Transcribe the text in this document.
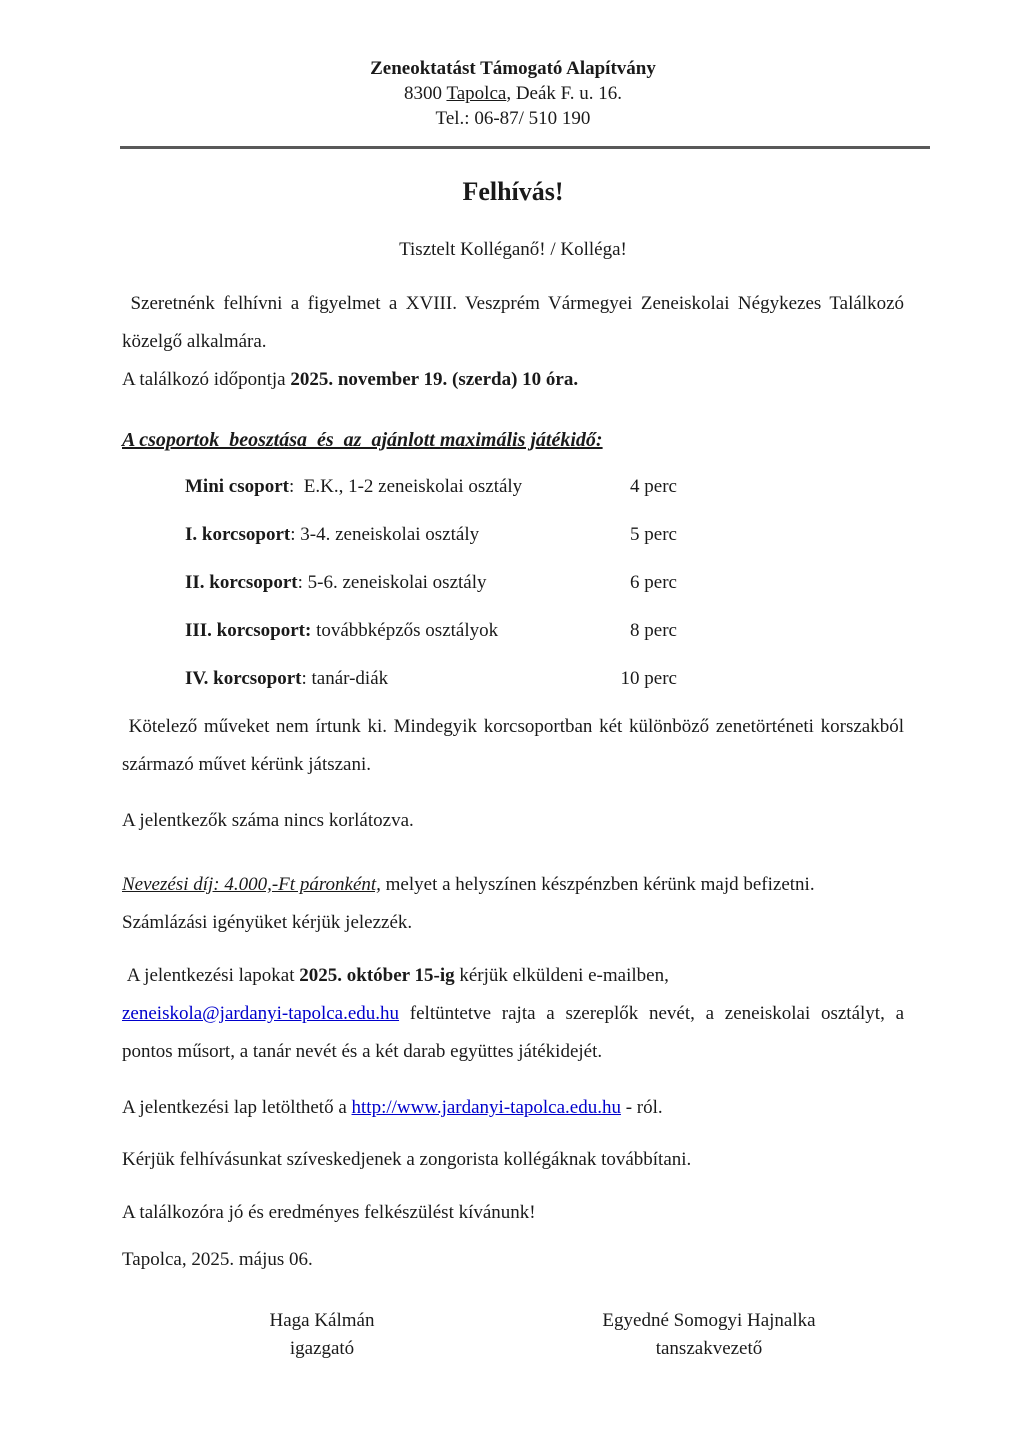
Zeneoktatást Támogató Alapítvány
8300 Tapolca, Deák F. u. 16.
Tel.: 06-87/ 510 190
Felhívás!
Tisztelt Kolléganő! / Kolléga!

Szeretnénk felhívni a figyelmet a XVIII. Veszprém Vármegyei Zeneiskolai Négykezes Találkozó közelgő alkalmára.

A találkozó időpontja 2025. november 19. (szerda) 10 óra.

A csoportok  beosztása  és  az  ajánlott maximális játékidő:
Mini csoport:  E.K., 1-2 zeneiskolai osztály	4 perc
I. korcsoport: 3-4. zeneiskolai osztály	5 perc
II. korcsoport: 5-6. zeneiskolai osztály	6 perc
III. korcsoport: továbbképzős osztályok	8 perc
IV. korcsoport: tanár-diák	10 perc

Kötelező műveket nem írtunk ki. Mindegyik korcsoportban két különböző zenetörténeti korszakból származó művet kérünk játszani.

A jelentkezők száma nincs korlátozva.

Nevezési díj: 4.000,-Ft páronként, melyet a helyszínen készpénzben kérünk majd befizetni.
Számlázási igényüket kérjük jelezzék.

A jelentkezési lapokat 2025. október 15-ig kérjük elküldeni e-mailben,
zeneiskola@jardanyi-tapolca.edu.hu feltüntetve rajta a szereplők nevét, a zeneiskolai osztályt, a pontos műsort, a tanár nevét és a két darab együttes játékidejét.

A jelentkezési lap letölthető a http://www.jardanyi-tapolca.edu.hu - ról.

Kérjük felhívásunkat szíveskedjenek a zongorista kollégáknak továbbítani.

A találkozóra jó és eredményes felkészülést kívánunk!

Tapolca, 2025. május 06.

Haga Kálmán
igazgató
Egyedné Somogyi Hajnalka
tanszakvezető
